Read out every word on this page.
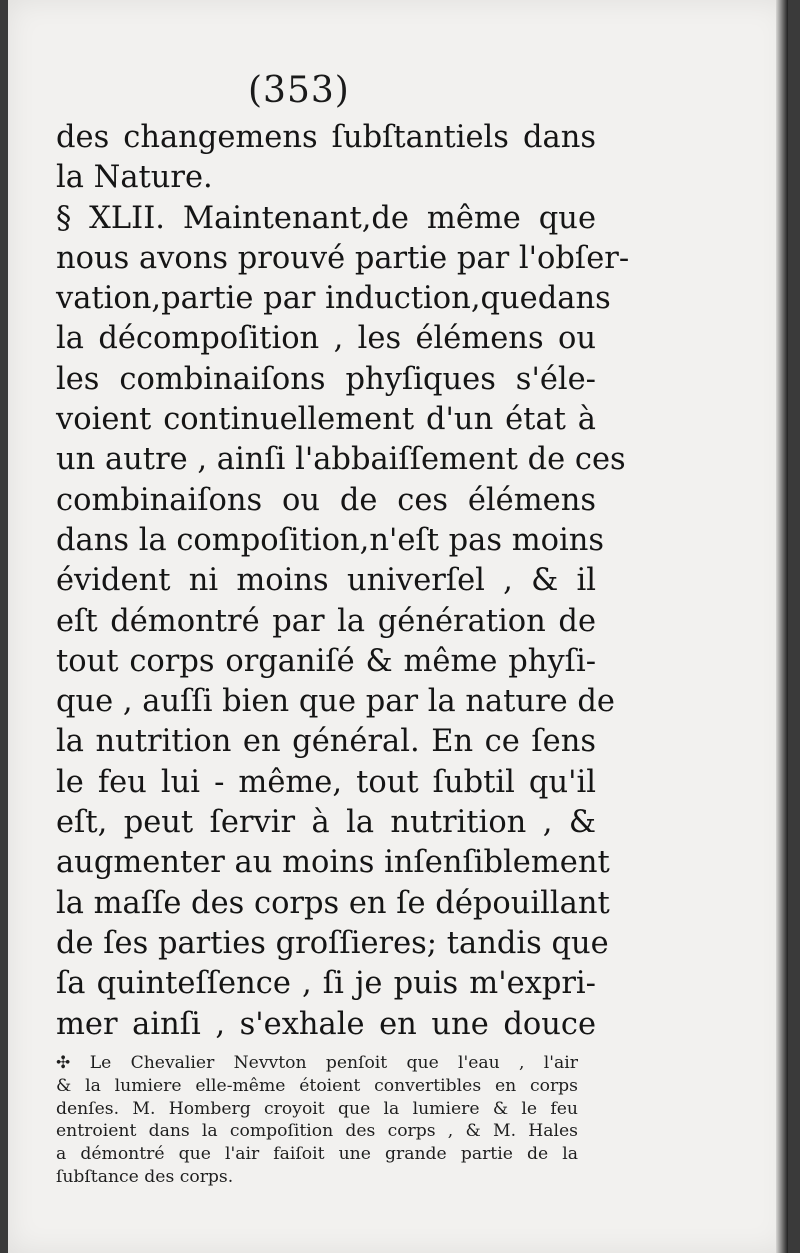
(353)
des changemens ſubſtantiels dans
la Nature.
§ XLII. Maintenant,de même que
nous avons prouvé partie par l'obſer-
vation,partie par induction,quedans
la décompoſition , les élémens ou
les combinaiſons phyſiques s'éle-
voient continuellement d'un état à
un autre , ainſi l'abbaiſſement de ces
combinaiſons ou de ces élémens
dans la compoſition,n'eſt pas moins
évident ni moins univerſel , & il
eſt démontré par la génération de
tout corps organiſé & même phyſi-
que , auſſi bien que par la nature de
la nutrition en général. En ce ſens
le feu lui - même, tout ſubtil qu'il
eſt, peut ſervir à la nutrition , &
augmenter au moins inſenſiblement
la maſſe des corps en ſe dépouillant
de ſes parties groſſieres; tandis que
ſa quinteſſence , ſi je puis m'expri-
mer ainſi , s'exhale en une douce
✣ Le Chevalier Nevvton penſoit que l'eau , l'air
& la lumiere elle-même étoient convertibles en corps
denſes. M. Homberg croyoit que la lumiere & le feu
entroient dans la compoſition des corps , & M. Hales
a démontré que l'air faiſoit une grande partie de la
ſubſtance des corps.
